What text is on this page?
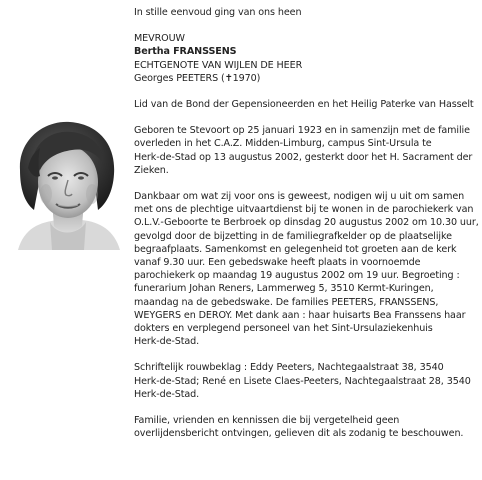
In stille eenvoud ging van ons heen
MEVROUW
Bertha FRANSSENS
ECHTGENOTE VAN WIJLEN DE HEER
Georges PEETERS (✝1970)
Lid van de Bond der Gepensioneerden en het Heilig Paterke van Hasselt
Geboren te Stevoort op 25 januari 1923 en in samenzijn met de familie
overleden in het C.A.Z. Midden-Limburg, campus Sint-Ursula te
Herk-de-Stad op 13 augustus 2002, gesterkt door het H. Sacrament der
Zieken.
Dankbaar om wat zij voor ons is geweest, nodigen wij u uit om samen
met ons de plechtige uitvaartdienst bij te wonen in de parochiekerk van
O.L.V.-Geboorte te Berbroek op dinsdag 20 augustus 2002 om 10.30 uur,
gevolgd door de bijzetting in de familiegrafkelder op de plaatselijke
begraafplaats. Samenkomst en gelegenheid tot groeten aan de kerk
vanaf 9.30 uur. Een gebedswake heeft plaats in voornoemde
parochiekerk op maandag 19 augustus 2002 om 19 uur. Begroeting :
funerarium Johan Reners, Lammerweg 5, 3510 Kermt-Kuringen,
maandag na de gebedswake. De families PEETERS, FRANSSENS,
WEYGERS en DEROY. Met dank aan : haar huisarts Bea Franssens haar
dokters en verplegend personeel van het Sint-Ursulaziekenhuis
Herk-de-Stad.
Schriftelijk rouwbeklag : Eddy Peeters, Nachtegaalstraat 38, 3540
Herk-de-Stad; René en Lisete Claes-Peeters, Nachtegaalstraat 28, 3540
Herk-de-Stad.
Familie, vrienden en kennissen die bij vergetelheid geen
overlijdensbericht ontvingen, gelieven dit als zodanig te beschouwen.
